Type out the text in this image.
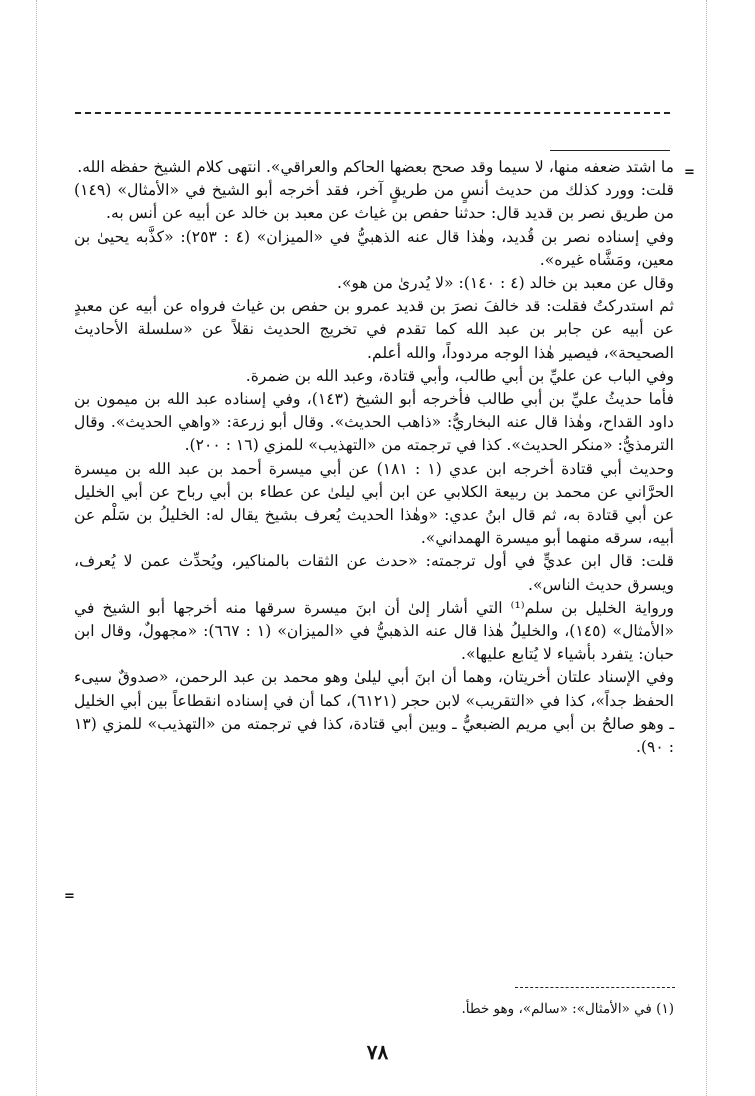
=

ما اشتد ضعفه منها، لا سيما وقد صحح بعضها الحاكم والعراقي». انتهى كلام الشيخ حفظه الله.

قلت: وورد كذلك من حديث أنسٍ من طريقٍ آخر، فقد أخرجه أبو الشيخ في «الأمثال» (١٤٩) من طريق نصر بن قديد قال: حدثنا حفص بن غياث عن معبد بن خالد عن أبيه عن أنس به.

وفي إسناده نصر بن قُديد، وهٰذا قال عنه الذهبيُّ في «الميزان» (٤ : ٢٥٣): «كذَّبه يحيىٰ بن معين، ومَشَّاه غيره».

وقال عن معبد بن خالد (٤ : ١٤٠): «لا يُدرىٰ من هو».

ثم استدركتُ فقلت: قد خالفَ نصرَ بن قديد عمرو بن حفص بن غياث فرواه عن أبيه عن معبدٍ عن أبيه عن جابر بن عبد الله كما تقدم في تخريج الحديث نقلاً عن «سلسلة الأحاديث الصحيحة»، فيصير هٰذا الوجه مردوداً، والله أعلم.

وفي الباب عن عليِّ بن أبي طالب، وأبي قتادة، وعبد الله بن ضمرة.

فأما حديثُ عليِّ بن أبي طالب فأخرجه أبو الشيخ (١٤٣)، وفي إسناده عبد الله بن ميمون بن داود القداح، وهٰذا قال عنه البخاريُّ: «ذاهب الحديث». وقال أبو زرعة: «واهي الحديث». وقال الترمذيُّ: «منكر الحديث». كذا في ترجمته من «التهذيب» للمزي (١٦ : ٢٠٠).

وحديث أبي قتادة أخرجه ابن عدي (١ : ١٨١) عن أبي ميسرة أحمد بن عبد الله بن ميسرة الحرَّاني عن محمد بن ربيعة الكلابي عن ابن أبي ليلىٰ عن عطاء بن أبي رباح عن أبي الخليل عن أبي قتادة به، ثم قال ابنُ عدي: «وهٰذا الحديث يُعرف بشيخ يقال له: الخليلُ بن سَلْم عن أبيه، سرقه منهما أبو ميسرة الهمداني».

قلت: قال ابن عديٍّ في أول ترجمته: «حدث عن الثقات بالمناكير، ويُحدِّث عمن لا يُعرف، ويسرق حديث الناس».

ورواية الخليل بن سلم⁽¹⁾ التي أشار إلىٰ أن ابنَ ميسرة سرقها منه أخرجها أبو الشيخ في «الأمثال» (١٤٥)، والخليلُ هٰذا قال عنه الذهبيُّ في «الميزان» (١ : ٦٦٧): «مجهولٌ، وقال ابن حبان: يتفرد بأشياء لا يُتابع عليها».

وفي الإسناد علتان أخريتان، وهما أن ابنَ أبي ليلىٰ وهو محمد بن عبد الرحمن، «صدوقٌ سيىء الحفظ جداً»، كذا في «التقريب» لابن حجر (٦١٢١)، كما أن في إسناده انقطاعاً بين أبي الخليل ـ وهو صالحُ بن أبي مريم الضبعيُّ ـ وبين أبي قتادة، كذا في ترجمته من «التهذيب» للمزي (١٣ : ٩٠).

=
(١) في «الأمثال»: «سالم»، وهو خطأ.
٧٨
